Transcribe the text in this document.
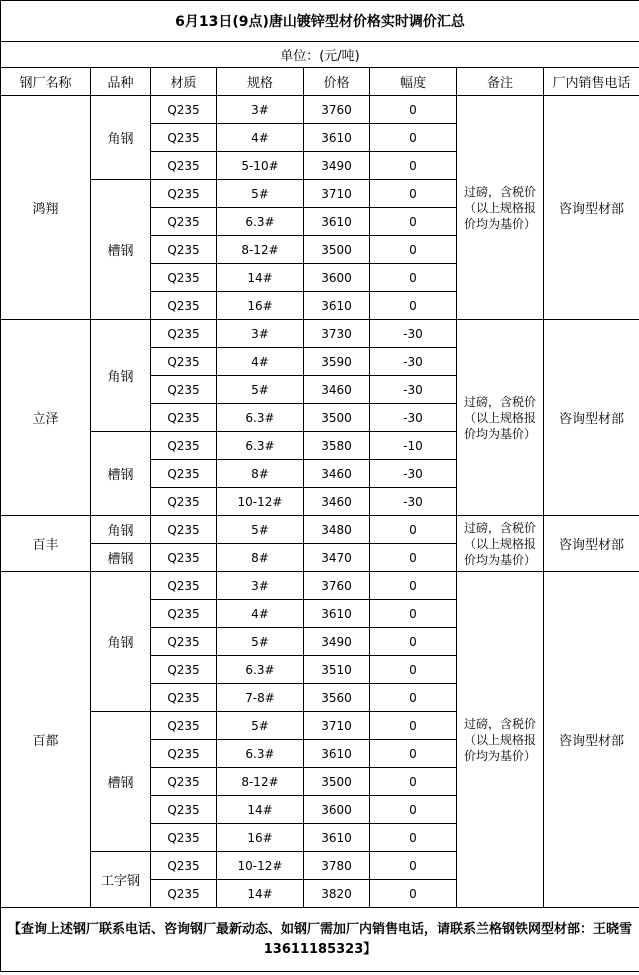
6月13日(9点)唐山镀锌型材价格实时调价汇总							
单位：(元/吨)							
钢厂名称	品种	材质	规格	价格	幅度	备注	厂内销售电话
鸿翔	角钢	Q235	3#	3760	0	过磅，含税价
（以上规格报
价均为基价）	咨询型材部
		Q235	4#	3610	0		
		Q235	5-10#	3490	0		
	槽钢	Q235	5#	3710	0		
		Q235	6.3#	3610	0		
		Q235	8-12#	3500	0		
		Q235	14#	3600	0		
		Q235	16#	3610	0		
立泽	角钢	Q235	3#	3730	-30	过磅，含税价
（以上规格报
价均为基价）	咨询型材部
		Q235	4#	3590	-30		
		Q235	5#	3460	-30		
		Q235	6.3#	3500	-30		
	槽钢	Q235	6.3#	3580	-10		
		Q235	8#	3460	-30		
		Q235	10-12#	3460	-30		
百丰	角钢	Q235	5#	3480	0	过磅，含税价
（以上规格报
价均为基价）	咨询型材部
	槽钢	Q235	8#	3470	0		
百都	角钢	Q235	3#	3760	0	过磅，含税价
（以上规格报
价均为基价）	咨询型材部
		Q235	4#	3610	0		
		Q235	5#	3490	0		
		Q235	6.3#	3510	0		
		Q235	7-8#	3560	0		
	槽钢	Q235	5#	3710	0		
		Q235	6.3#	3610	0		
		Q235	8-12#	3500	0		
		Q235	14#	3600	0		
		Q235	16#	3610	0		
	工字钢	Q235	10-12#	3780	0		
		Q235	14#	3820	0		
【查询上述钢厂联系电话、咨询钢厂最新动态、如钢厂需加厂内销售电话，请联系兰格钢铁网型材部：王晓雪13611185323】							
